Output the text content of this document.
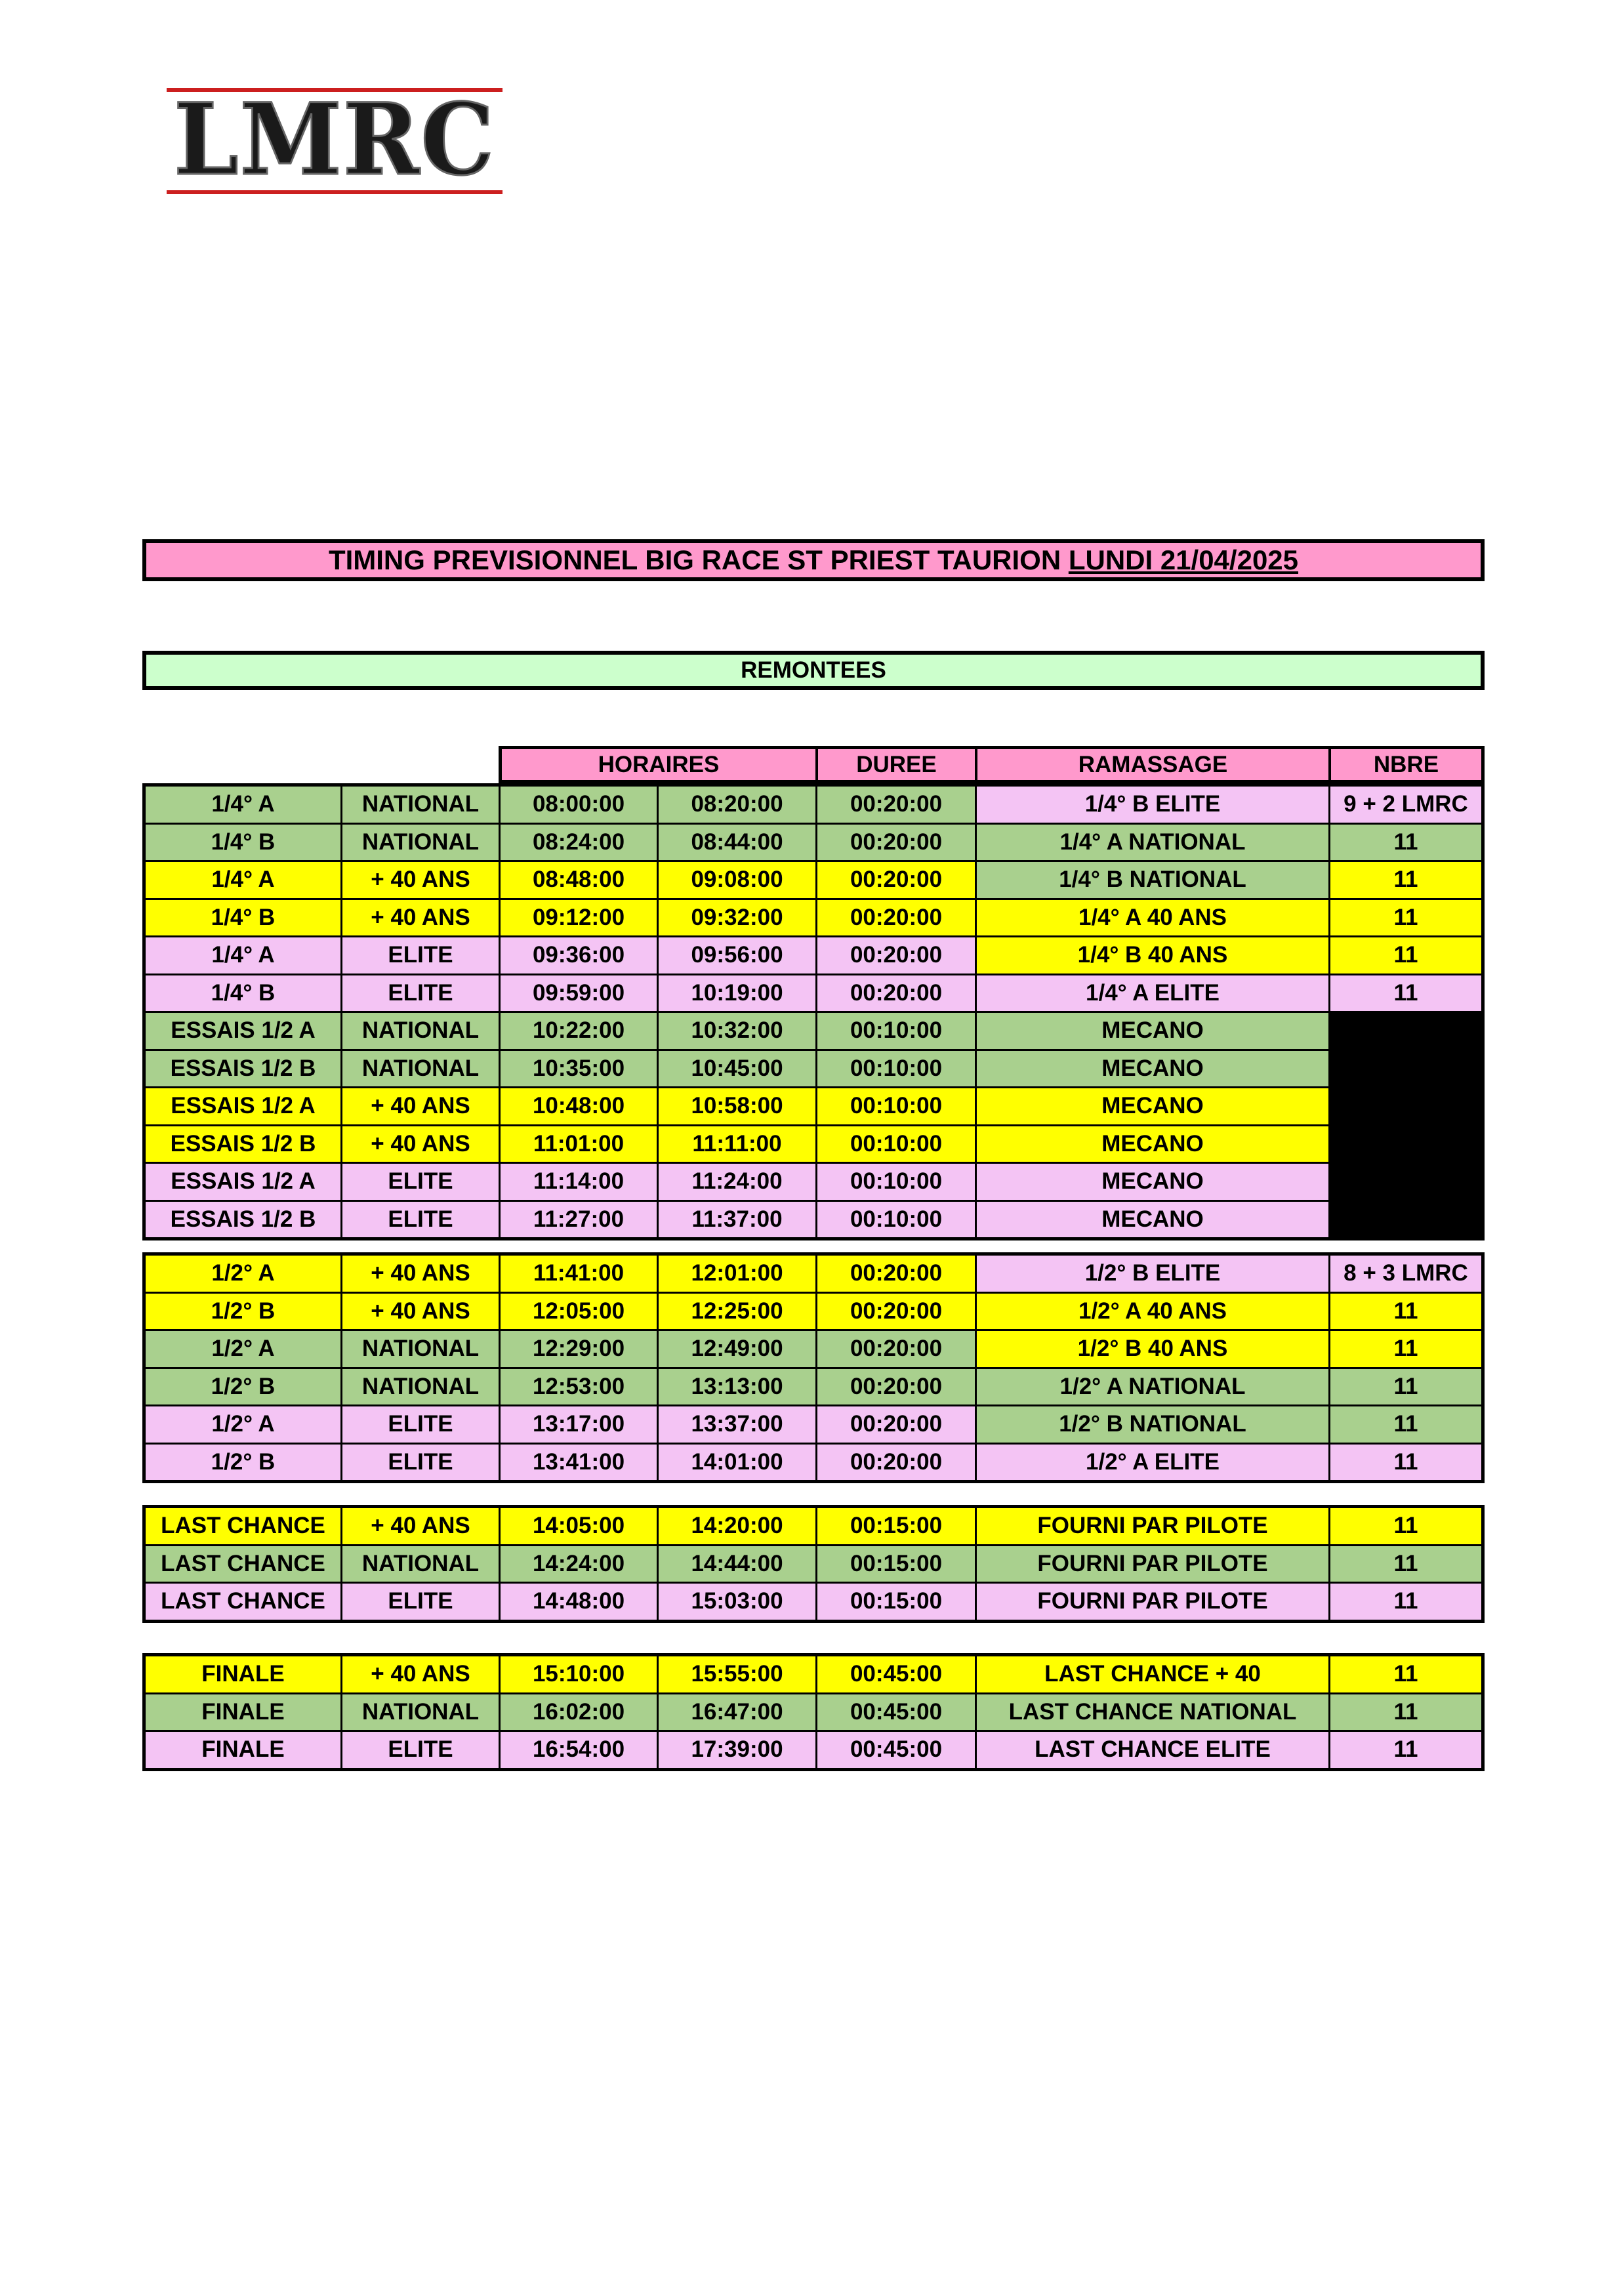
LMRC
TIMING PREVISIONNEL BIG RACE ST PRIEST TAURION LUNDI 21/04/2025
REMONTEES
HORAIRES	DUREE	RAMASSAGE	NBRE
1/4° A	NATIONAL	08:00:00	08:20:00	00:20:00	1/4° B ELITE	9 + 2 LMRC
1/4° B	NATIONAL	08:24:00	08:44:00	00:20:00	1/4° A NATIONAL	11
1/4° A	+ 40 ANS	08:48:00	09:08:00	00:20:00	1/4° B NATIONAL	11
1/4° B	+ 40 ANS	09:12:00	09:32:00	00:20:00	1/4° A 40 ANS	11
1/4° A	ELITE	09:36:00	09:56:00	00:20:00	1/4° B 40 ANS	11
1/4° B	ELITE	09:59:00	10:19:00	00:20:00	1/4° A ELITE	11
ESSAIS 1/2 A	NATIONAL	10:22:00	10:32:00	00:10:00	MECANO
ESSAIS 1/2 B	NATIONAL	10:35:00	10:45:00	00:10:00	MECANO
ESSAIS 1/2 A	+ 40 ANS	10:48:00	10:58:00	00:10:00	MECANO
ESSAIS 1/2 B	+ 40 ANS	11:01:00	11:11:00	00:10:00	MECANO
ESSAIS 1/2 A	ELITE	11:14:00	11:24:00	00:10:00	MECANO
ESSAIS 1/2 B	ELITE	11:27:00	11:37:00	00:10:00	MECANO
1/2° A	+ 40 ANS	11:41:00	12:01:00	00:20:00	1/2° B ELITE	8 + 3 LMRC
1/2° B	+ 40 ANS	12:05:00	12:25:00	00:20:00	1/2° A 40 ANS	11
1/2° A	NATIONAL	12:29:00	12:49:00	00:20:00	1/2° B 40 ANS	11
1/2° B	NATIONAL	12:53:00	13:13:00	00:20:00	1/2° A NATIONAL	11
1/2° A	ELITE	13:17:00	13:37:00	00:20:00	1/2° B NATIONAL	11
1/2° B	ELITE	13:41:00	14:01:00	00:20:00	1/2° A ELITE	11
LAST CHANCE	+ 40 ANS	14:05:00	14:20:00	00:15:00	FOURNI PAR PILOTE	11
LAST CHANCE	NATIONAL	14:24:00	14:44:00	00:15:00	FOURNI PAR PILOTE	11
LAST CHANCE	ELITE	14:48:00	15:03:00	00:15:00	FOURNI PAR PILOTE	11
FINALE	+ 40 ANS	15:10:00	15:55:00	00:45:00	LAST CHANCE + 40	11
FINALE	NATIONAL	16:02:00	16:47:00	00:45:00	LAST CHANCE NATIONAL	11
FINALE	ELITE	16:54:00	17:39:00	00:45:00	LAST CHANCE ELITE	11
